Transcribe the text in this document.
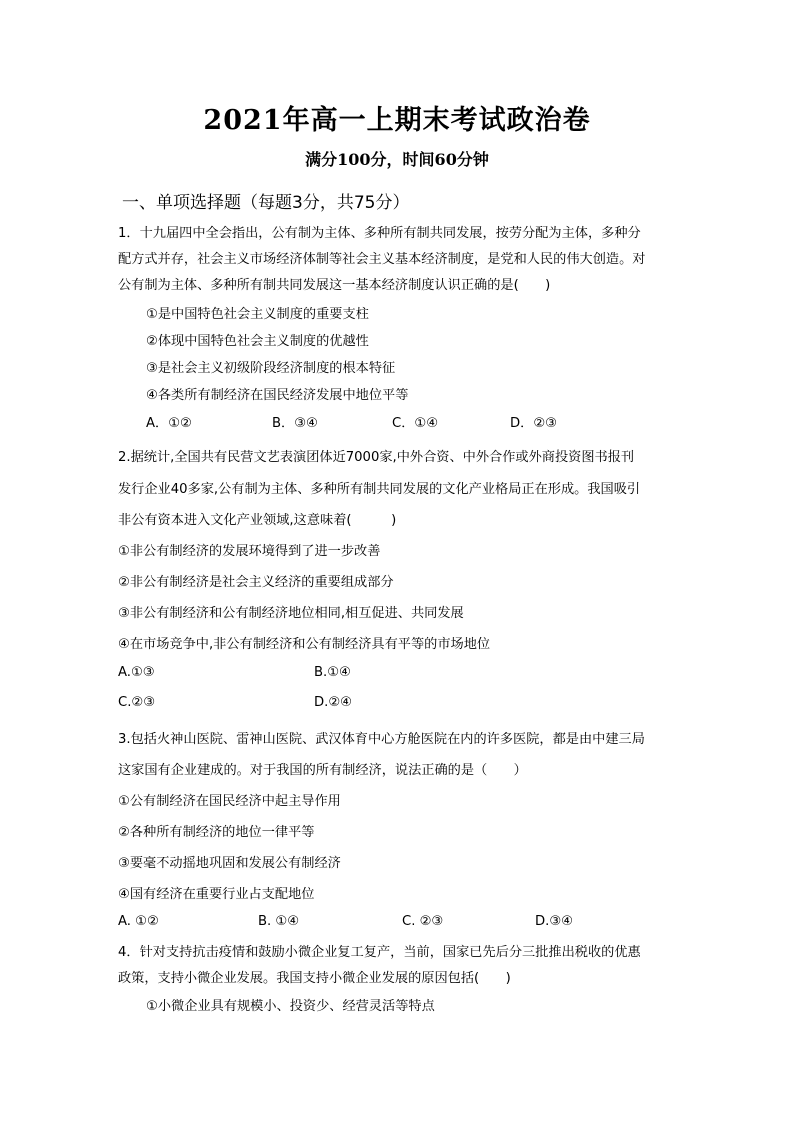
2021年高一上期末考试政治卷
满分100分，时间60分钟
一、单项选择题（每题3分，共75分）
1．十九届四中全会指出，公有制为主体、多种所有制共同发展，按劳分配为主体，多种分
配方式并存，社会主义市场经济体制等社会主义基本经济制度，是党和人民的伟大创造。对
公有制为主体、多种所有制共同发展这一基本经济制度认识正确的是(　　)
①是中国特色社会主义制度的重要支柱
②体现中国特色社会主义制度的优越性
③是社会主义初级阶段经济制度的根本特征
④各类所有制经济在国民经济发展中地位平等
A．①②	B．③④	C．①④	D．②③
2.据统计,全国共有民营文艺表演团体近7000家,中外合资、中外合作或外商投资图书报刊
发行企业40多家,公有制为主体、多种所有制共同发展的文化产业格局正在形成。我国吸引
非公有资本进入文化产业领域,这意味着(　　　)
①非公有制经济的发展环境得到了进一步改善
②非公有制经济是社会主义经济的重要组成部分
③非公有制经济和公有制经济地位相同,相互促进、共同发展
④在市场竞争中,非公有制经济和公有制经济具有平等的市场地位
A.①③	B.①④
C.②③	D.②④
3.包括火神山医院、雷神山医院、武汉体育中心方舱医院在内的许多医院，都是由中建三局
这家国有企业建成的。对于我国的所有制经济，说法正确的是（　　）
①公有制经济在国民经济中起主导作用
②各种所有制经济的地位一律平等
③要毫不动摇地巩固和发展公有制经济
④国有经济在重要行业占支配地位
A. ①②	B. ①④	C. ②③	D.③④
4．针对支持抗击疫情和鼓励小微企业复工复产，当前，国家已先后分三批推出税收的优惠
政策，支持小微企业发展。我国支持小微企业发展的原因包括(　　)
①小微企业具有规模小、投资少、经营灵活等特点
